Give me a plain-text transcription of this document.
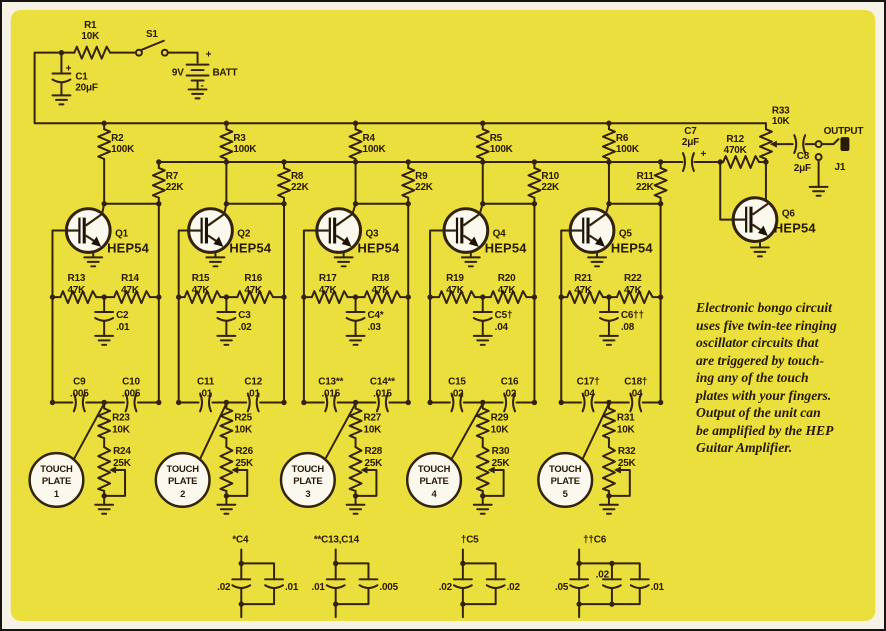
R1
10K	S1
+
9V	BATT
-
+
C1
20μF
R2
100K
R7
22K
Q1
HEP54
R13
47K
R14
47K
C2
.01
C9
.005
C10
.005
R23
10K
R24
25K
TOUCH
PLATE
1
R3
100K
R8
22K
Q2
HEP54
R15
47K
R16
47K
C3
.02
C11
.01
C12
.01
R25
10K
R26
25K
TOUCH
PLATE
2
R4
100K
R9
22K
Q3
HEP54
R17
47K
R18
47K
C4*
.03
C13**
.015
C14**
.015
R27
10K
R28
25K
TOUCH
PLATE
3
R5
100K
R10
22K
Q4
HEP54
R19
47K
R20
47K
C5†
.04
C15
.02
C16
.02
R29
10K
R30
25K
TOUCH
PLATE
4
R6
100K
R11
22K
Q5
HEP54
R21
47K
R22
47K
C6††
.08
C17†
.04
C18†
.04
R31
10K
R32
25K
TOUCH
PLATE
5
C7
2μF
+
R12
470K
R33
10K
C8
2μF
OUTPUT
J1
Q6
HEP54
*C4
.02	.01
**C13,C14
.01	.005
†C5
.02	.02
††C6
.05
.02
.01
Electronic bongo circuit
uses five twin-tee ringing
oscillator circuits that
are triggered by touch-
ing any of the touch
plates with your fingers.
Output of the unit can
be amplified by the HEP
Guitar Amplifier.
